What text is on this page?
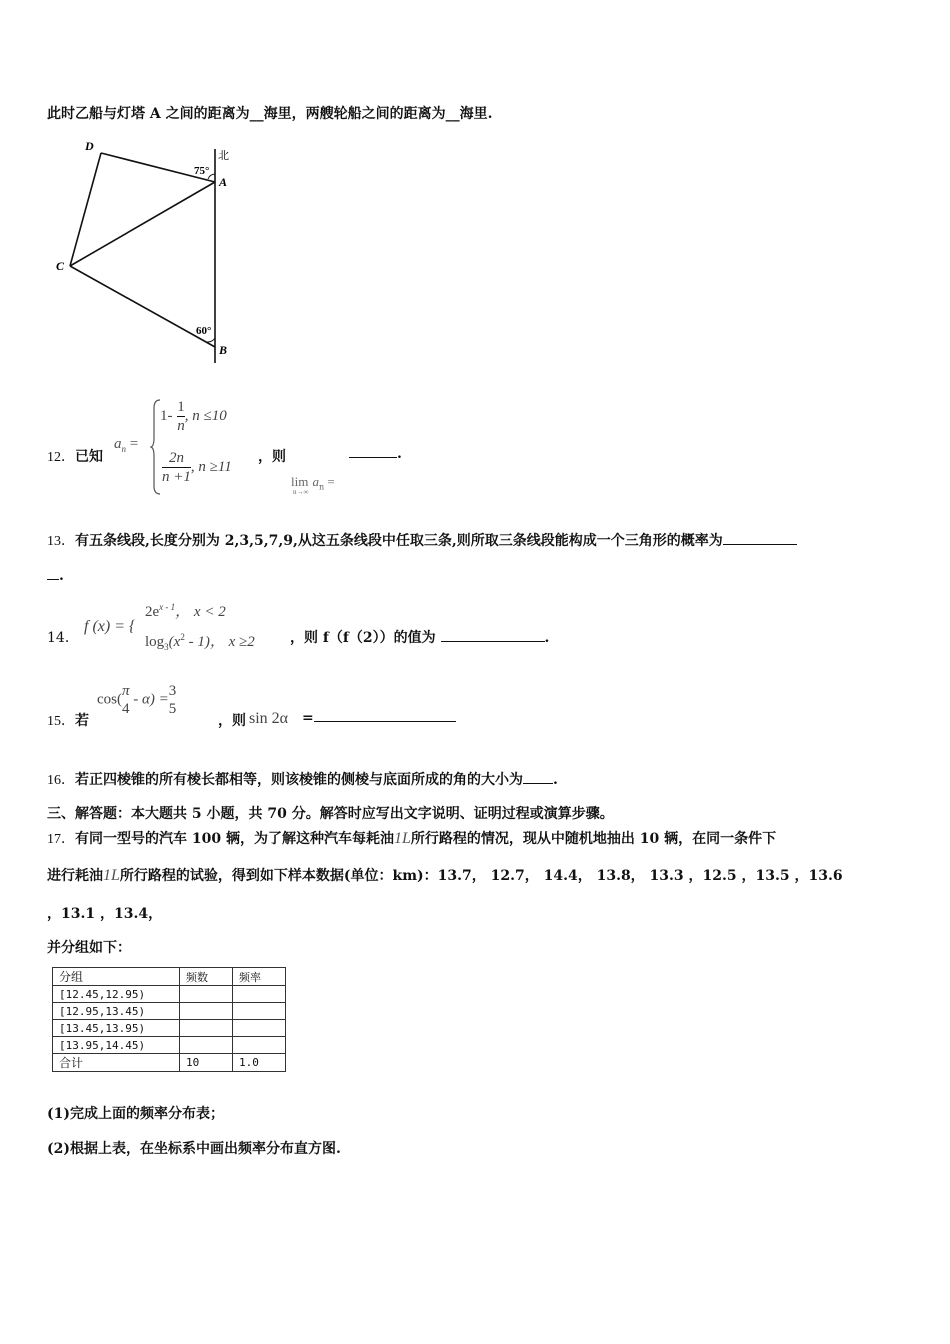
此时乙船与灯塔 A 之间的距离为__海里，两艘轮船之间的距离为__海里.
D
A
C
B
北
75°
60°
12．已知
$a_n$ =
$1- \frac{1}{n}$ , n ≤10
$\frac{2n}{n +1}$ , n ≥11
，则
$\lim a_n$ =
n→∞
.
13．有五条线段,长度分别为 2,3,5,7,9,从这五条线段中任取三条,则所取三条线段能构成一个三角形的概率为
.
14．
f (x) = {
$2e^{x - 1}$， x < 2
$\log_3(x^2 - 1)$， x ≥2	，则 f（f（2））的值为	.
15．若
cos(
π
4
- α) =
3
5
，则 sin 2α =
16．若正四棱锥的所有棱长都相等，则该棱锥的侧棱与底面所成的角的大小为 .
三、解答题：本大题共 5 小题，共 70 分。解答时应写出文字说明、证明过程或演算步骤。
17．有同一型号的汽车 100 辆，为了解这种汽车每耗油1L所行路程的情况，现从中随机地抽出 10 辆，在同一条件下
进行耗油1L所行路程的试验，得到如下样本数据(单位：km)：13.7， 12.7， 14.4， 13.8， 13.3 ，12.5 ，13.5 ，13.6
，13.1 ，13.4，
并分组如下：
分组	频数	频率
[12.45,12.95)		
[12.95,13.45)		
[13.45,13.95)		
[13.95,14.45)		
合计	10	1.0
(1)完成上面的频率分布表；
(2)根据上表，在坐标系中画出频率分布直方图.
